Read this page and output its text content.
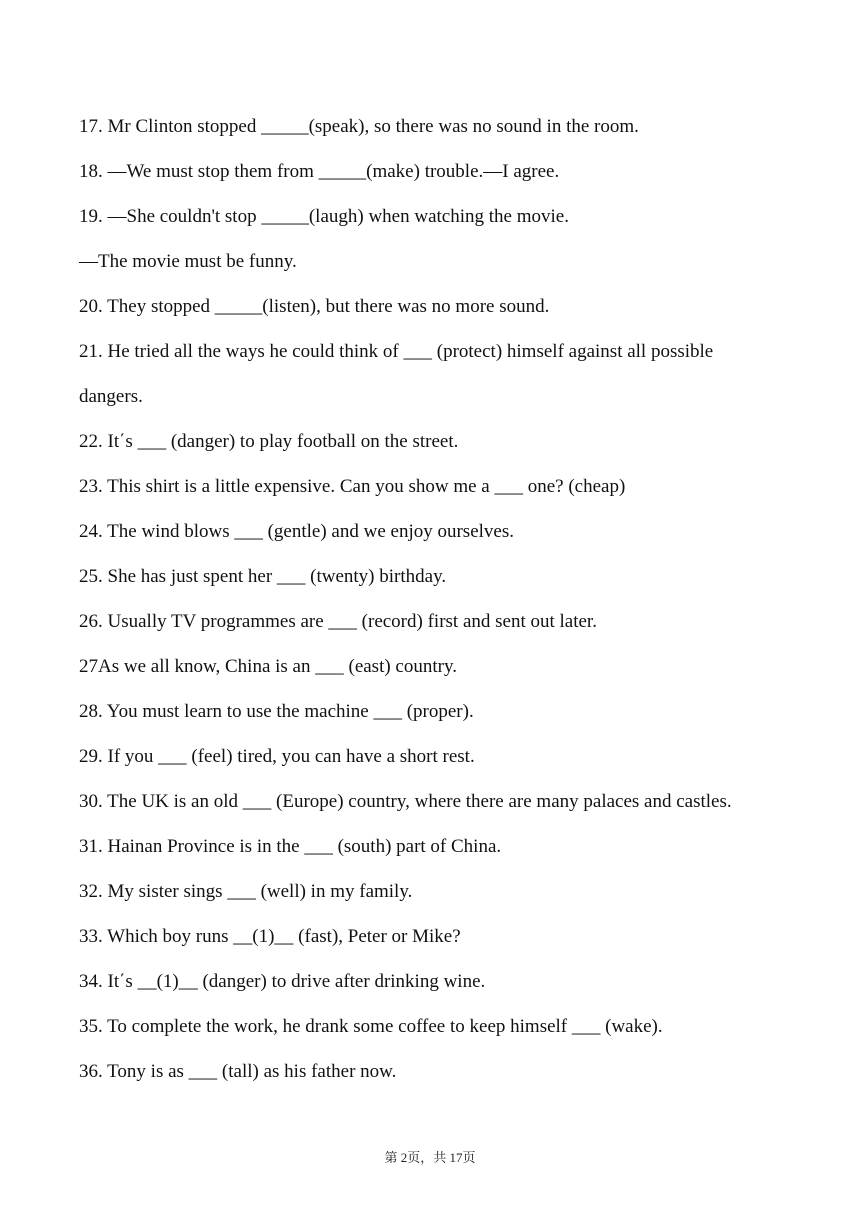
17. Mr Clinton stopped _____(speak), so there was no sound in the room.
18. —We must stop them from _____(make) trouble.—I agree.
19. —She couldn't stop _____(laugh) when watching the movie.
—The movie must be funny.
20. They stopped _____(listen), but there was no more sound.
21. He tried all the ways he could think of ___ (protect) himself against all possible
dangers.
22. It΄s ___ (danger) to play football on the street.
23. This shirt is a little expensive. Can you show me a ___ one? (cheap)
24. The wind blows ___ (gentle) and we enjoy ourselves.
25. She has just spent her ___ (twenty) birthday.
26. Usually TV programmes are ___ (record) first and sent out later.
27As we all know, China is an ___ (east) country.
28. You must learn to use the machine ___ (proper).
29. If you ___ (feel) tired, you can have a short rest.
30. The UK is an old ___ (Europe) country, where there are many palaces and castles.
31. Hainan Province is in the ___ (south) part of China.
32. My sister sings ___ (well) in my family.
33. Which boy runs __(1)__ (fast), Peter or Mike?
34. It΄s __(1)__ (danger) to drive after drinking wine.
35. To complete the work, he drank some coffee to keep himself ___ (wake).
36. Tony is as ___ (tall) as his father now.
第 2页，共 17页
